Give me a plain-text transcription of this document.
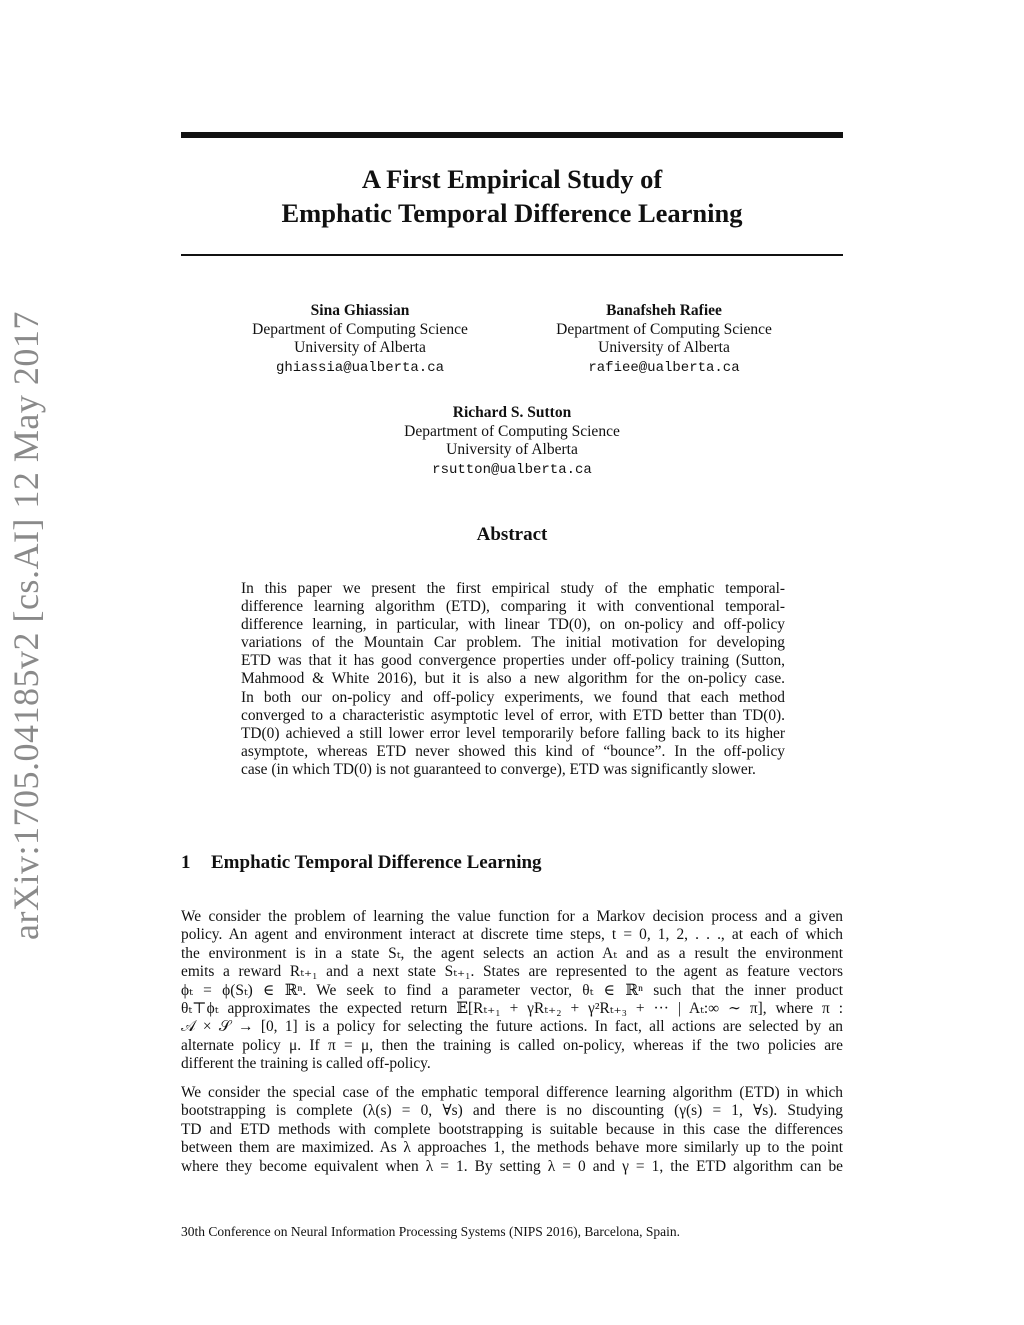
arXiv:1705.04185v2 [cs.AI] 12 May 2017
A First Empirical Study of
Emphatic Temporal Difference Learning
Sina Ghiassian
Department of Computing Science
University of Alberta
ghiassia@ualberta.ca
Banafsheh Rafiee
Department of Computing Science
University of Alberta
rafiee@ualberta.ca
Richard S. Sutton
Department of Computing Science
University of Alberta
rsutton@ualberta.ca
Abstract
In this paper we present the first empirical study of the emphatic temporal-
difference learning algorithm (ETD), comparing it with conventional temporal-
difference learning, in particular, with linear TD(0), on on-policy and off-policy
variations of the Mountain Car problem. The initial motivation for developing
ETD was that it has good convergence properties under off-policy training (Sutton,
Mahmood & White 2016), but it is also a new algorithm for the on-policy case.
In both our on-policy and off-policy experiments, we found that each method
converged to a characteristic asymptotic level of error, with ETD better than TD(0).
TD(0) achieved a still lower error level temporarily before falling back to its higher
asymptote, whereas ETD never showed this kind of “bounce”. In the off-policy
case (in which TD(0) is not guaranteed to converge), ETD was significantly slower.
1 Emphatic Temporal Difference Learning
We consider the problem of learning the value function for a Markov decision process and a given
policy. An agent and environment interact at discrete time steps, t = 0, 1, 2, . . ., at each of which
the environment is in a state Sₜ, the agent selects an action Aₜ and as a result the environment
emits a reward Rₜ₊₁ and a next state Sₜ₊₁. States are represented to the agent as feature vectors
ϕₜ = ϕ(Sₜ) ∈ ℝⁿ. We seek to find a parameter vector, θₜ ∈ ℝⁿ such that the inner product
θₜ⊤ϕₜ approximates the expected return 𝔼[Rₜ₊₁ + γRₜ₊₂ + γ²Rₜ₊₃ + ··· | Aₜ:∞ ∼ π], where π :
𝒜 × 𝒮 → [0, 1] is a policy for selecting the future actions. In fact, all actions are selected by an
alternate policy μ. If π = μ, then the training is called on-policy, whereas if the two policies are
different the training is called off-policy.
We consider the special case of the emphatic temporal difference learning algorithm (ETD) in which
bootstrapping is complete (λ(s) = 0, ∀s) and there is no discounting (γ(s) = 1, ∀s). Studying
TD and ETD methods with complete bootstrapping is suitable because in this case the differences
between them are maximized. As λ approaches 1, the methods behave more similarly up to the point
where they become equivalent when λ = 1. By setting λ = 0 and γ = 1, the ETD algorithm can be
30th Conference on Neural Information Processing Systems (NIPS 2016), Barcelona, Spain.
